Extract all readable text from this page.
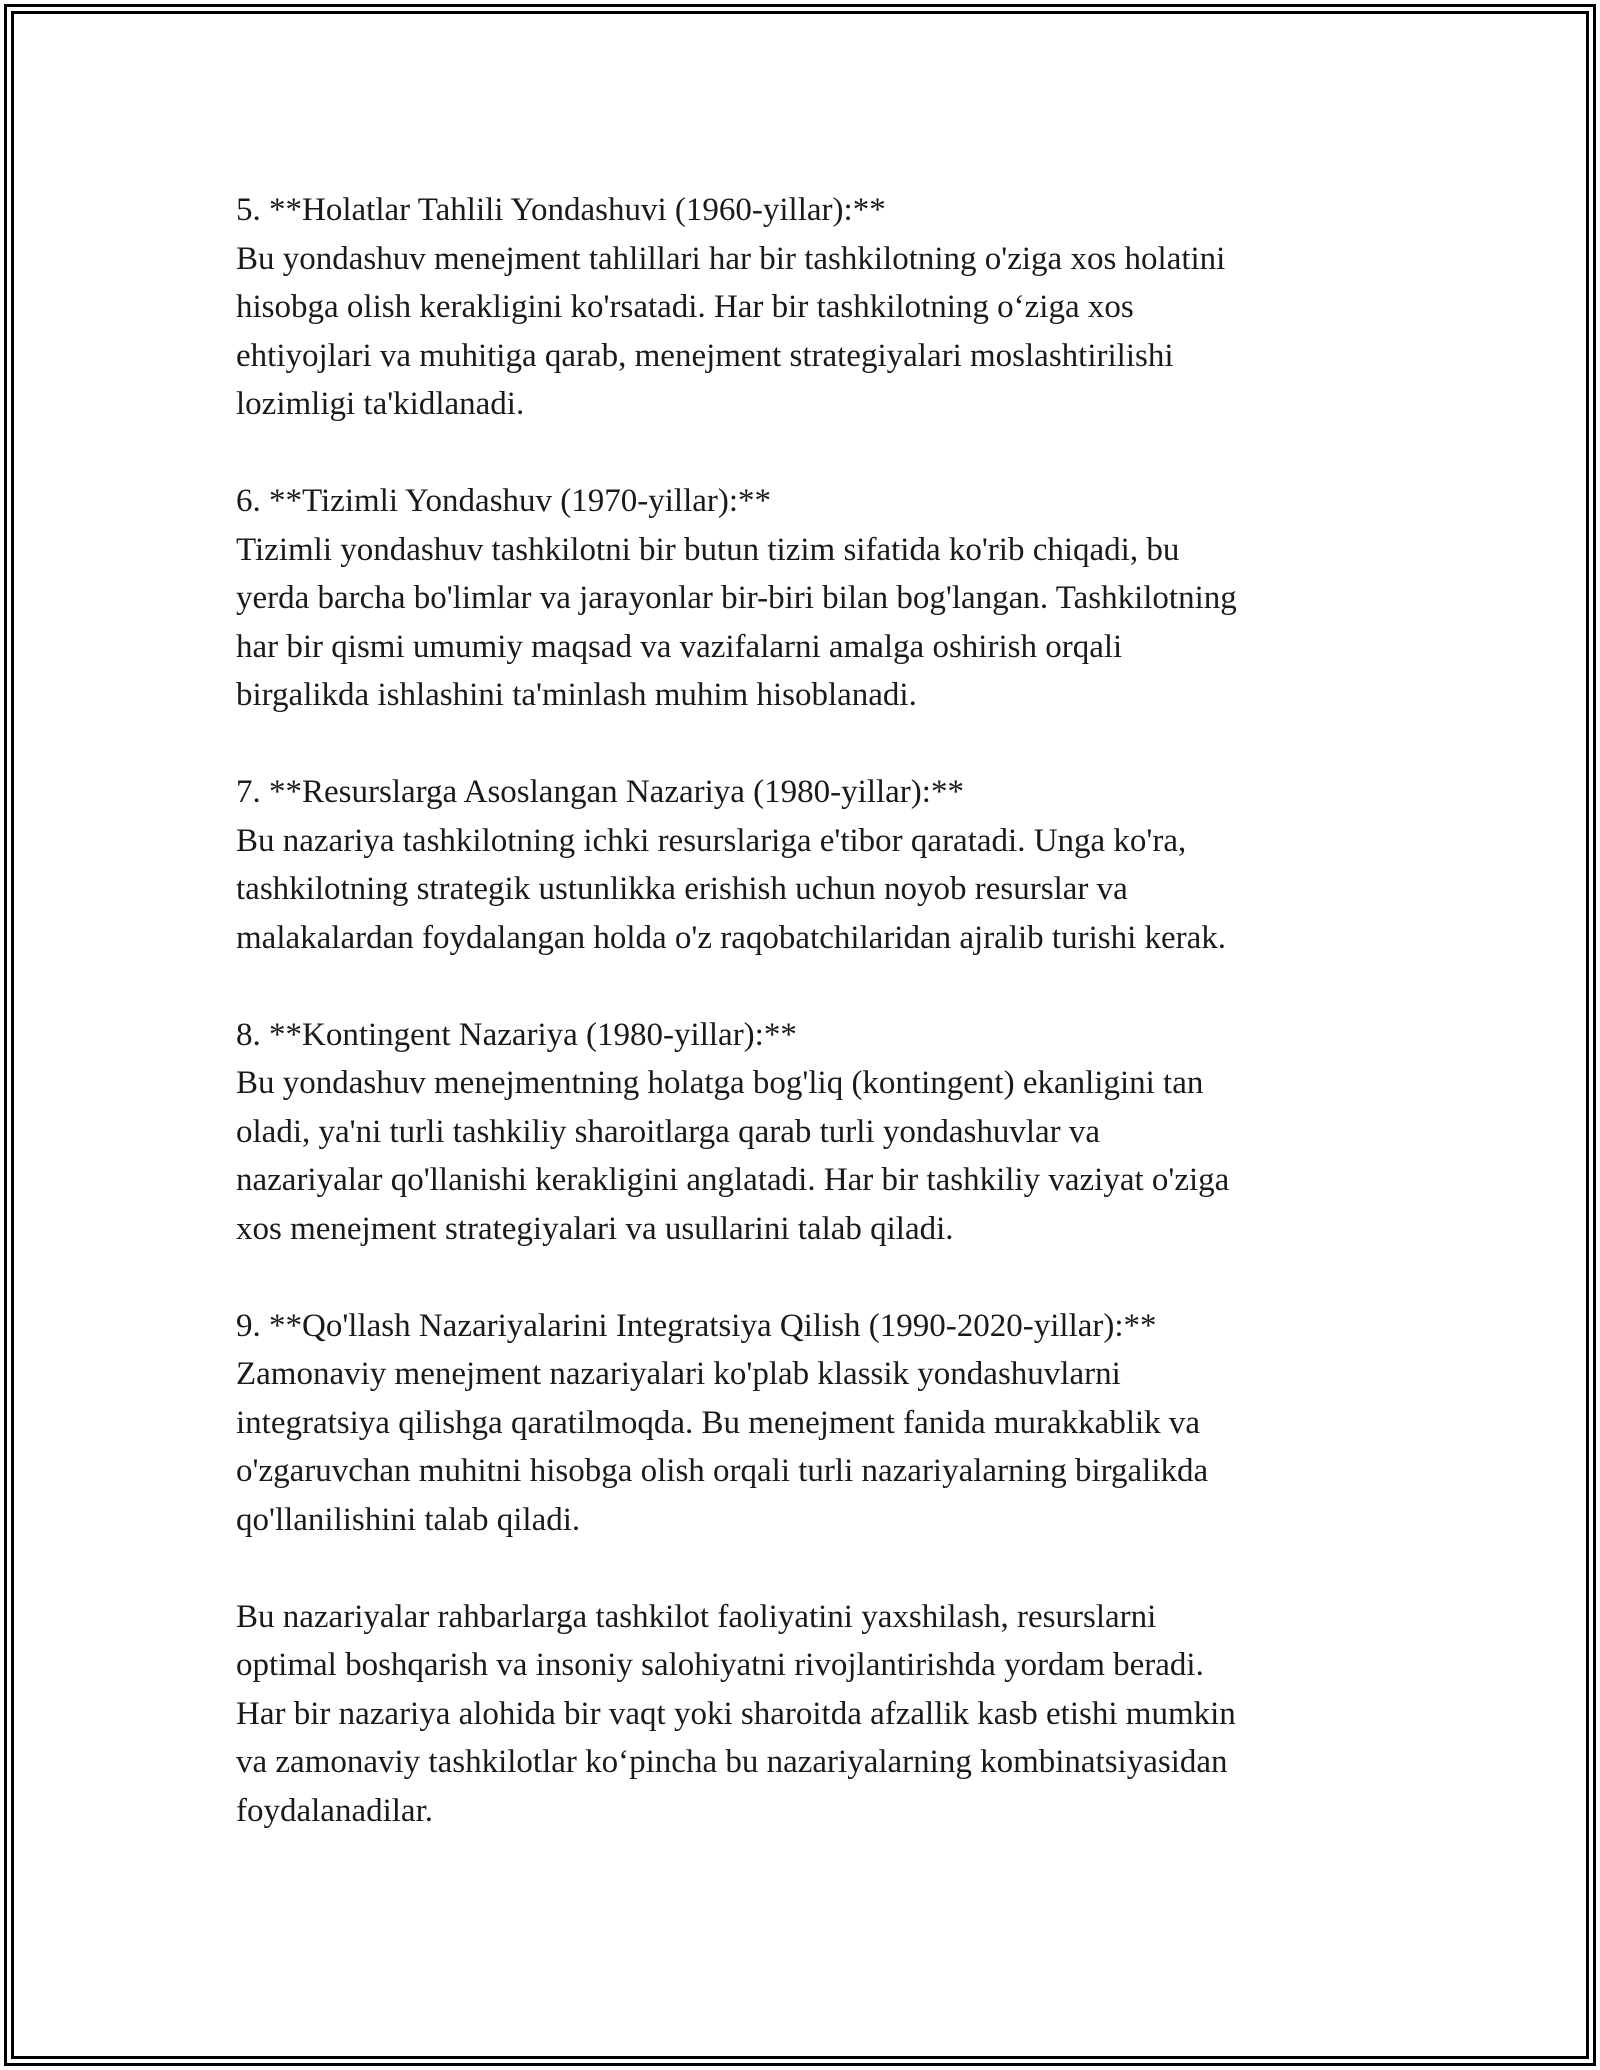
5. **Holatlar Tahlili Yondashuvi (1960-yillar):**

Bu yondashuv menejment tahlillari har bir tashkilotning o'ziga xos holatini

hisobga olish kerakligini ko'rsatadi. Har bir tashkilotning o‘ziga xos

ehtiyojlari va muhitiga qarab, menejment strategiyalari moslashtirilishi

lozimligi ta'kidlanadi.

6. **Tizimli Yondashuv (1970-yillar):**

Tizimli yondashuv tashkilotni bir butun tizim sifatida ko'rib chiqadi, bu

yerda barcha bo'limlar va jarayonlar bir-biri bilan bog'langan. Tashkilotning

har bir qismi umumiy maqsad va vazifalarni amalga oshirish orqali

birgalikda ishlashini ta'minlash muhim hisoblanadi.

7. **Resurslarga Asoslangan Nazariya (1980-yillar):**

Bu nazariya tashkilotning ichki resurslariga e'tibor qaratadi. Unga ko'ra,

tashkilotning strategik ustunlikka erishish uchun noyob resurslar va

malakalardan foydalangan holda o'z raqobatchilaridan ajralib turishi kerak.

8. **Kontingent Nazariya (1980-yillar):**

Bu yondashuv menejmentning holatga bog'liq (kontingent) ekanligini tan

oladi, ya'ni turli tashkiliy sharoitlarga qarab turli yondashuvlar va

nazariyalar qo'llanishi kerakligini anglatadi. Har bir tashkiliy vaziyat o'ziga

xos menejment strategiyalari va usullarini talab qiladi.

9. **Qo'llash Nazariyalarini Integratsiya Qilish (1990-2020-yillar):**

Zamonaviy menejment nazariyalari ko'plab klassik yondashuvlarni

integratsiya qilishga qaratilmoqda. Bu menejment fanida murakkablik va

o'zgaruvchan muhitni hisobga olish orqali turli nazariyalarning birgalikda

qo'llanilishini talab qiladi.

Bu nazariyalar rahbarlarga tashkilot faoliyatini yaxshilash, resurslarni

optimal boshqarish va insoniy salohiyatni rivojlantirishda yordam beradi.

Har bir nazariya alohida bir vaqt yoki sharoitda afzallik kasb etishi mumkin

va zamonaviy tashkilotlar ko‘pincha bu nazariyalarning kombinatsiyasidan

foydalanadilar.
